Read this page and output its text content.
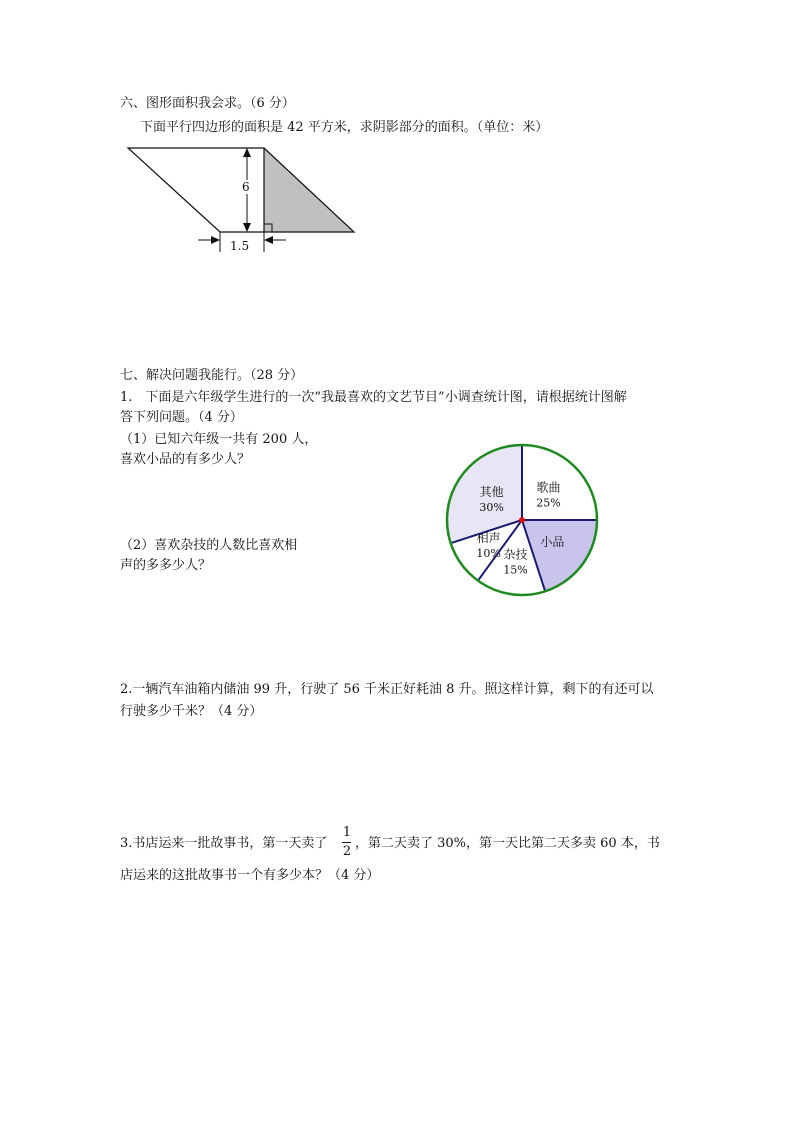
六、图形面积我会求。（6 分）
下面平行四边形的面积是 42 平方米，求阴影部分的面积。（单位：米）
6
1.5
七、解决问题我能行。（28 分）
1.　下面是六年级学生进行的一次“我最喜欢的文艺节目”小调查统计图，请根据统计图解
答下列问题。（4 分）
（1）已知六年级一共有 200 人，
喜欢小品的有多少人？
（2）喜欢杂技的人数比喜欢相
声的多多少人？
歌曲
25%
小品
杂技
15%
相声
10%
其他
30%
2.一辆汽车油箱内储油 99 升，行驶了 56 千米正好耗油 8 升。照这样计算，剩下的有还可以
行驶多少千米？（4 分）
3.书店运来一批故事书，第一天卖了
1
2
，第二天卖了 30%，第一天比第二天多卖 60 本，书
店运来的这批故事书一个有多少本？（4 分）
